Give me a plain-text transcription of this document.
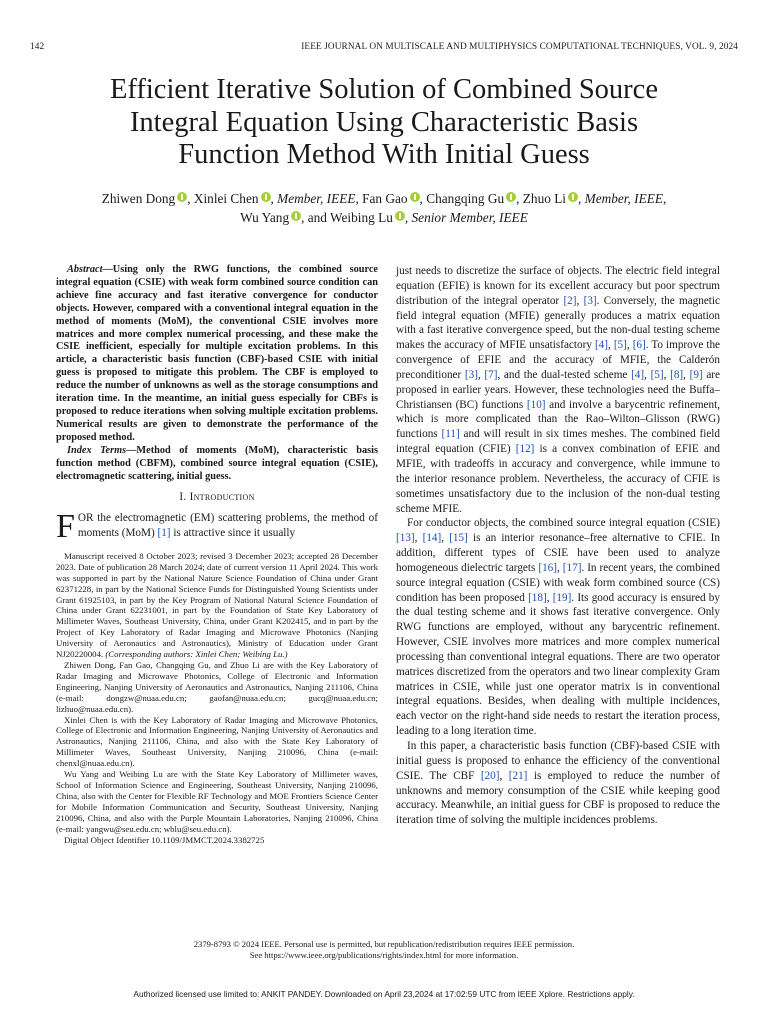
142	IEEE JOURNAL ON MULTISCALE AND MULTIPHYSICS COMPUTATIONAL TECHNIQUES, VOL. 9, 2024
Efficient Iterative Solution of Combined Source
Integral Equation Using Characteristic Basis
Function Method With Initial Guess
Zhiwen Dong , Xinlei Chen , Member, IEEE, Fan Gao , Changqing Gu , Zhuo Li , Member, IEEE,
Wu Yang , and Weibing Lu , Senior Member, IEEE

Abstract—Using only the RWG functions, the combined source integral equation (CSIE) with weak form combined source condition can achieve fine accuracy and fast iterative convergence for conductor objects. However, compared with a conventional integral equation in the method of moments (MoM), the conventional CSIE involves more matrices and more complex numerical processing, and these make the CSIE inefficient, especially for multiple excitation problems. In this article, a characteristic basis function (CBF)-based CSIE with initial guess is proposed to mitigate this problem. The CBF is employed to reduce the number of unknowns as well as the storage consumptions and iteration time. In the meantime, an initial guess especially for CBFs is proposed to reduce iterations when solving multiple excitation problems. Numerical results are given to demonstrate the performance of the proposed method.

Index Terms—Method of moments (MoM), characteristic basis function method (CBFM), combined source integral equation (CSIE), electromagnetic scattering, initial guess.

I. Introduction

FOR the electromagnetic (EM) scattering problems, the method of moments (MoM) [1] is attractive since it usually

Manuscript received 8 October 2023; revised 3 December 2023; accepted 28 December 2023. Date of publication 28 March 2024; date of current version 11 April 2024. This work was supported in part by the National Nature Science Foundation of China under Grant 62371228, in part by the National Science Funds for Distinguished Young Scientists under Grant 61925103, in part by the Key Program of National Natural Science Foundation of China under Grant 62231001, in part by the Foundation of State Key Laboratory of Millimeter Waves, Southeast University, China, under Grant K202415, and in part by the Project of Key Laboratory of Radar Imaging and Microwave Photonics (Nanjing University of Aeronautics and Astronautics), Ministry of Education under Grant NJ20220004. (Corresponding authors: Xinlei Chen; Weibing Lu.)

Zhiwen Dong, Fan Gao, Changqing Gu, and Zhuo Li are with the Key Laboratory of Radar Imaging and Microwave Photonics, College of Electronic and Information Engineering, Nanjing University of Aeronautics and Astronautics, Nanjing 211106, China (e-mail: dongzw@nuaa.edu.cn; gaofan@nuaa.edu.cn; gucq@nuaa.edu.cn; lizhuo@nuaa.edu.cn).

Xinlei Chen is with the Key Laboratory of Radar Imaging and Microwave Photonics, College of Electronic and Information Engineering, Nanjing University of Aeronautics and Astronautics, Nanjing 211106, China, and also with the State Key Laboratory of Millimeter Waves, Southeast University, Nanjing 210096, China (e-mail: chenxl@nuaa.edu.cn).

Wu Yang and Weibing Lu are with the State Key Laboratory of Millimeter waves, School of Information Science and Engineering, Southeast University, Nanjing 210096, China, also with the Center for Flexible RF Technology and MOE Frontiers Science Center for Mobile Information Communication and Security, Southeast University, Nanjing 210096, China, and also with the Purple Mountain Laboratories, Nanjing 210096, China (e-mail: yangwu@seu.edu.cn; wblu@seu.edu.cn).

Digital Object Identifier 10.1109/JMMCT.2024.3382725

just needs to discretize the surface of objects. The electric field integral equation (EFIE) is known for its excellent accuracy but poor spectrum distribution of the integral operator [2], [3]. Conversely, the magnetic field integral equation (MFIE) generally produces a matrix equation with a fast iterative convergence speed, but the non-dual testing scheme makes the accuracy of MFIE unsatisfactory [4], [5], [6]. To improve the convergence of EFIE and the accuracy of MFIE, the Calderón preconditioner [3], [7], and the dual-tested scheme [4], [5], [8], [9] are proposed in earlier years. However, these technologies need the Buffa–Christiansen (BC) functions [10] and involve a barycentric refinement, which is more complicated than the Rao–Wilton–Glisson (RWG) functions [11] and will result in six times meshes. The combined field integral equation (CFIE) [12] is a convex combination of EFIE and MFIE, with tradeoffs in accuracy and convergence, while immune to the interior resonance problem. Nevertheless, the accuracy of CFIE is sometimes unsatisfactory due to the inclusion of the non-dual testing scheme MFIE.

For conductor objects, the combined source integral equation (CSIE) [13], [14], [15] is an interior resonance–free alternative to CFIE. In addition, different types of CSIE have been used to analyze homogeneous dielectric targets [16], [17]. In recent years, the combined source integral equation (CSIE) with weak form combined source (CS) condition has been proposed [18], [19]. Its good accuracy is ensured by the dual testing scheme and it shows fast iterative convergence. Only RWG functions are employed, without any barycentric refinement. However, CSIE involves more matrices and more complex numerical processing than conventional integral equations. There are two operator matrices discretized from the operators and two linear complexity Gram matrices in CSIE, while just one operator matrix is in conventional integral equations. Besides, when dealing with multiple incidences, each vector on the right-hand side needs to restart the iteration process, leading to a long iteration time.

In this paper, a characteristic basis function (CBF)-based CSIE with initial guess is proposed to enhance the efficiency of the conventional CSIE. The CBF [20], [21] is employed to reduce the number of unknowns and memory consumption of the CSIE while keeping good accuracy. Meanwhile, an initial guess for CBF is proposed to reduce the iteration time of solving the multiple incidences problems.

2379-8793 © 2024 IEEE. Personal use is permitted, but republication/redistribution requires IEEE permission.
See https://www.ieee.org/publications/rights/index.html for more information.
Authorized licensed use limited to: ANKIT PANDEY. Downloaded on April 23,2024 at 17:02:59 UTC from IEEE Xplore. Restrictions apply.
